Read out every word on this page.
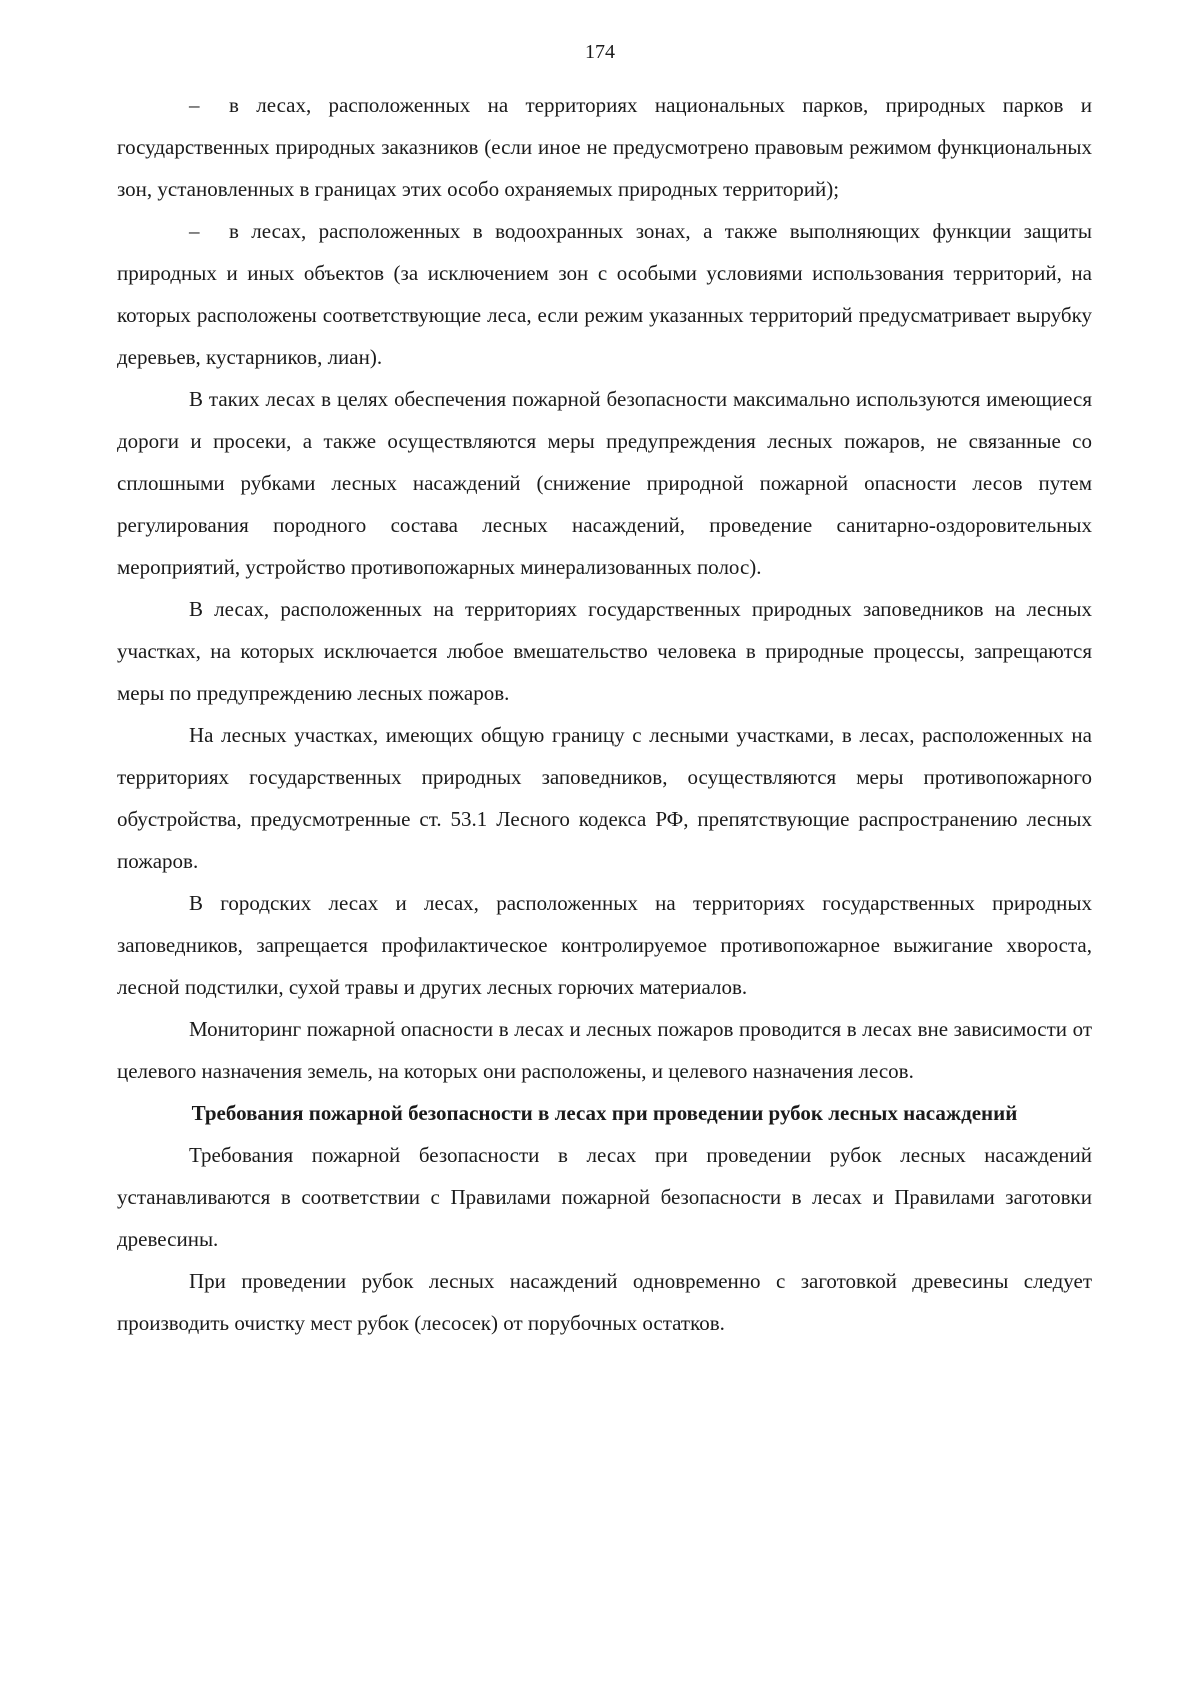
174

– в лесах, расположенных на территориях национальных парков, природных парков и государственных природных заказников (если иное не предусмотрено правовым режимом функциональных зон, установленных в границах этих особо охраняемых природных территорий);

– в лесах, расположенных в водоохранных зонах, а также выполняющих функции защиты природных и иных объектов (за исключением зон с особыми условиями использования территорий, на которых расположены соответствующие леса, если режим указанных территорий предусматривает вырубку деревьев, кустарников, лиан).

В таких лесах в целях обеспечения пожарной безопасности максимально используются имеющиеся дороги и просеки, а также осуществляются меры предупреждения лесных пожаров, не связанные со сплошными рубками лесных насаждений (снижение природной пожарной опасности лесов путем регулирования породного состава лесных насаждений, проведение санитарно-оздоровительных мероприятий, устройство противопожарных минерализованных полос).

В лесах, расположенных на территориях государственных природных заповедников на лесных участках, на которых исключается любое вмешательство человека в природные процессы, запрещаются меры по предупреждению лесных пожаров.

На лесных участках, имеющих общую границу с лесными участками, в лесах, расположенных на территориях государственных природных заповедников, осуществляются меры противопожарного обустройства, предусмотренные ст. 53.1 Лесного кодекса РФ, препятствующие распространению лесных пожаров.

В городских лесах и лесах, расположенных на территориях государственных природных заповедников, запрещается профилактическое контролируемое противопожарное выжигание хвороста, лесной подстилки, сухой травы и других лесных горючих материалов.

Мониторинг пожарной опасности в лесах и лесных пожаров проводится в лесах вне зависимости от целевого назначения земель, на которых они расположены, и целевого назначения лесов.

Требования пожарной безопасности в лесах при проведении рубок лесных насаждений

Требования пожарной безопасности в лесах при проведении рубок лесных насаждений устанавливаются в соответствии с Правилами пожарной безопасности в лесах и Правилами заготовки древесины.

При проведении рубок лесных насаждений одновременно с заготовкой древесины следует производить очистку мест рубок (лесосек) от порубочных остатков.
